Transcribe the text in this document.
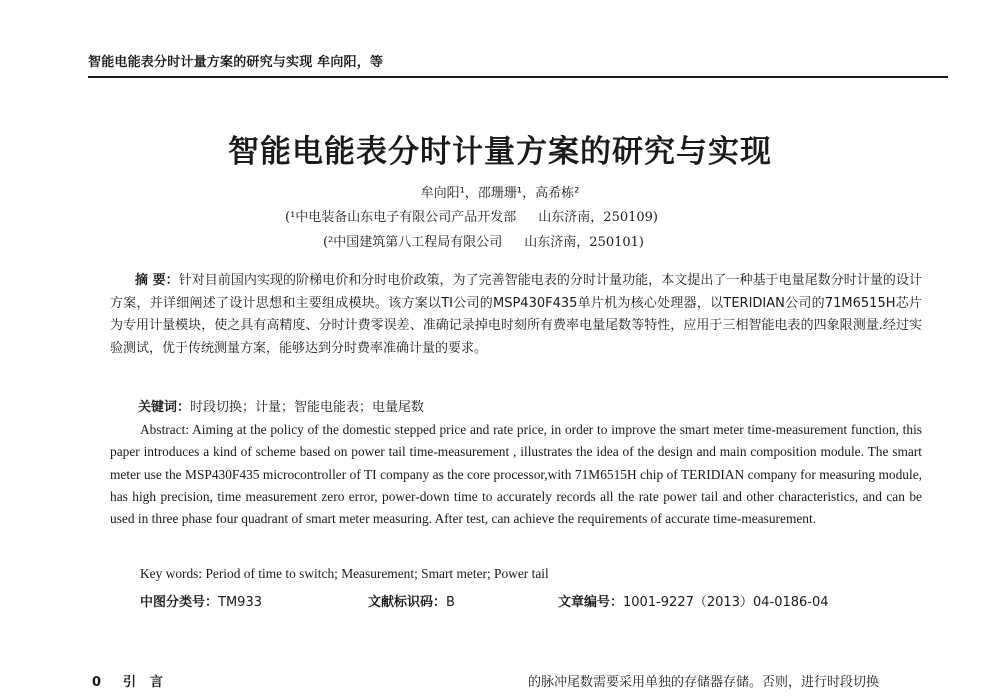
智能电能表分时计量方案的研究与实现 牟向阳，等
智能电能表分时计量方案的研究与实现
牟向阳¹，邵珊珊¹，高希栋²
(¹中电装备山东电子有限公司产品开发部 山东济南，250109)
(²中国建筑第八工程局有限公司 山东济南，250101)
摘 要：针对目前国内实现的阶梯电价和分时电价政策，为了完善智能电表的分时计量功能，本文提出了一种基于电量尾数分时计量的设计方案，并详细阐述了设计思想和主要组成模块。该方案以TI公司的MSP430F435单片机为核心处理器，以TERIDIAN公司的71M6515H芯片为专用计量模块，使之具有高精度、分时计费零误差、准确记录掉电时刻所有费率电量尾数等特性，应用于三相智能电表的四象限测量.经过实验测试，优于传统测量方案，能够达到分时费率准确计量的要求。
关键词：时段切换；计量；智能电能表；电量尾数
Abstract: Aiming at the policy of the domestic stepped price and rate price, in order to improve the smart meter time-measurement function, this paper introduces a kind of scheme based on power tail time-measurement , illustrates the idea of the design and main composition module. The smart meter use the MSP430F435 microcontroller of TI company as the core processor,with 71M6515H chip of TERIDIAN company for measuring module, has high precision, time measurement zero error, power-down time to accurately records all the rate power tail and other characteristics, and can be used in three phase four quadrant of smart meter measuring. After test, can achieve the requirements of accurate time-measurement.
Key words: Period of time to switch; Measurement; Smart meter; Power tail
中图分类号：TM933	文献标识码：B	文章编号：1001-9227（2013）04-0186-04
0 引言	的脉冲尾数需要采用单独的存储器存储。否则，进行时段切换
